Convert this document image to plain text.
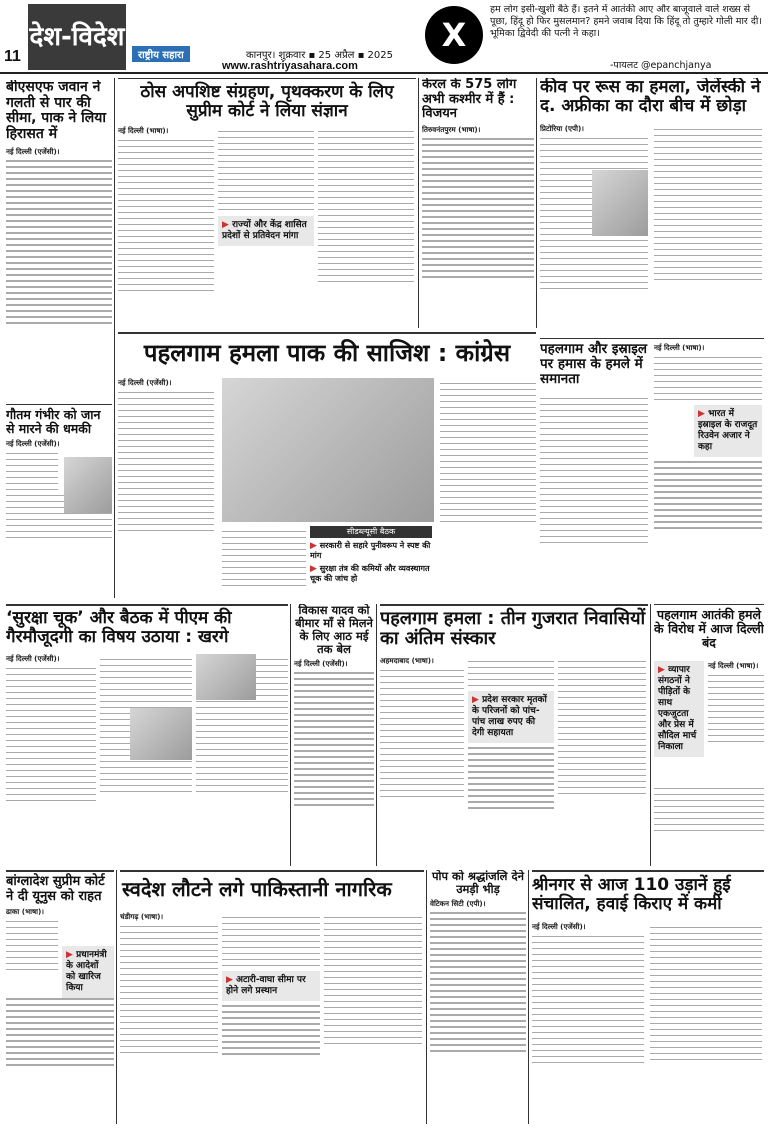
11
देश-विदेश
राष्ट्रीय सहारा	कानपुर। शुक्रवार ▪ 25 अप्रैल ▪ 2025
www.rashtriyasahara.com
X
हम लोग इसी-खुशी बैठे हैं। इतने में आतंकी आए और बाजूवाले वाले शख्स से पूछा, हिंदू हो फिर मुसलमान? हमने जवाब दिया कि हिंदू तो तुम्हारे गोली मार दी। भूमिका द्विवेदी की पत्नी ने कहा।
-पायलट @epanchjanya
बीएसएफ जवान ने गलती से पार की सीमा, पाक ने लिया हिरासत में
नई दिल्ली (एजेंसी)।
ठोस अपशिष्ट संग्रहण, पृथक्करण के लिए सुप्रीम कोर्ट ने लिया संज्ञान
नई दिल्ली (भाषा)।
▶ राज्यों और केंद्र शासित प्रदेशों से प्रतिवेदन मांगा
केरल के 575 लोग अभी कश्मीर में हैं : विजयन
तिरुवनंतपुरम (भाषा)।
कीव पर रूस का हमला, जेलेंस्की ने द. अफ्रीका का दौरा बीच में छोड़ा
प्रिटोरिया (एपी)।
गौतम गंभीर को जान से मारने की धमकी
नई दिल्ली (एजेंसी)।
पहलगाम हमला पाक की साजिश : कांग्रेस
नई दिल्ली (एजेंसी)।
सीडब्ल्यूसी बैठक
▶ सरकारी से सहारे पुनीवरूप ने स्पष्ट की मांग
▶ सुरक्षा तंत्र की कमियों और व्यवस्थागत चूक की जांच हो
पहलगाम और इस्राइल पर हमास के हमले में समानता
नई दिल्ली (भाषा)।
▶ भारत में इस्राइल के राजदूत रिउवेन अजार ने कहा
‘सुरक्षा चूक’ और बैठक में पीएम की गैरमौजूदगी का विषय उठाया : खरगे
नई दिल्ली (एजेंसी)।
विकास यादव को बीमार माँ से मिलने के लिए आठ मई तक बेल
नई दिल्ली (एजेंसी)।
पहलगाम हमला : तीन गुजरात निवासियों का अंतिम संस्कार
अहमदाबाद (भाषा)।
▶ प्रदेश सरकार मृतकों के परिजनों को पांच-पांच लाख रुपए की देगी सहायता
पहलगाम आतंकी हमले के विरोध में आज दिल्ली बंद
▶ व्यापार संगठनों ने पीड़ितों के साथ एकजुटता और प्रेस में सौदिल मार्च निकाला
नई दिल्ली (भाषा)।
बांग्लादेश सुप्रीम कोर्ट ने दी यूनुस को राहत
ढाका (भाषा)।
▶ प्रधानमंत्री के आदेशों को खारिज किया
स्वदेश लौटने लगे पाकिस्तानी नागरिक
चंडीगढ़ (भाषा)।
▶ अटारी-वाघा सीमा पर होने लगे प्रस्थान
पोप को श्रद्धांजलि देने उमड़ी भीड़
वेटिकन सिटी (एपी)।
श्रीनगर से आज 110 उड़ानें हुई संचालित, हवाई किराए में कमी
नई दिल्ली (एजेंसी)।
